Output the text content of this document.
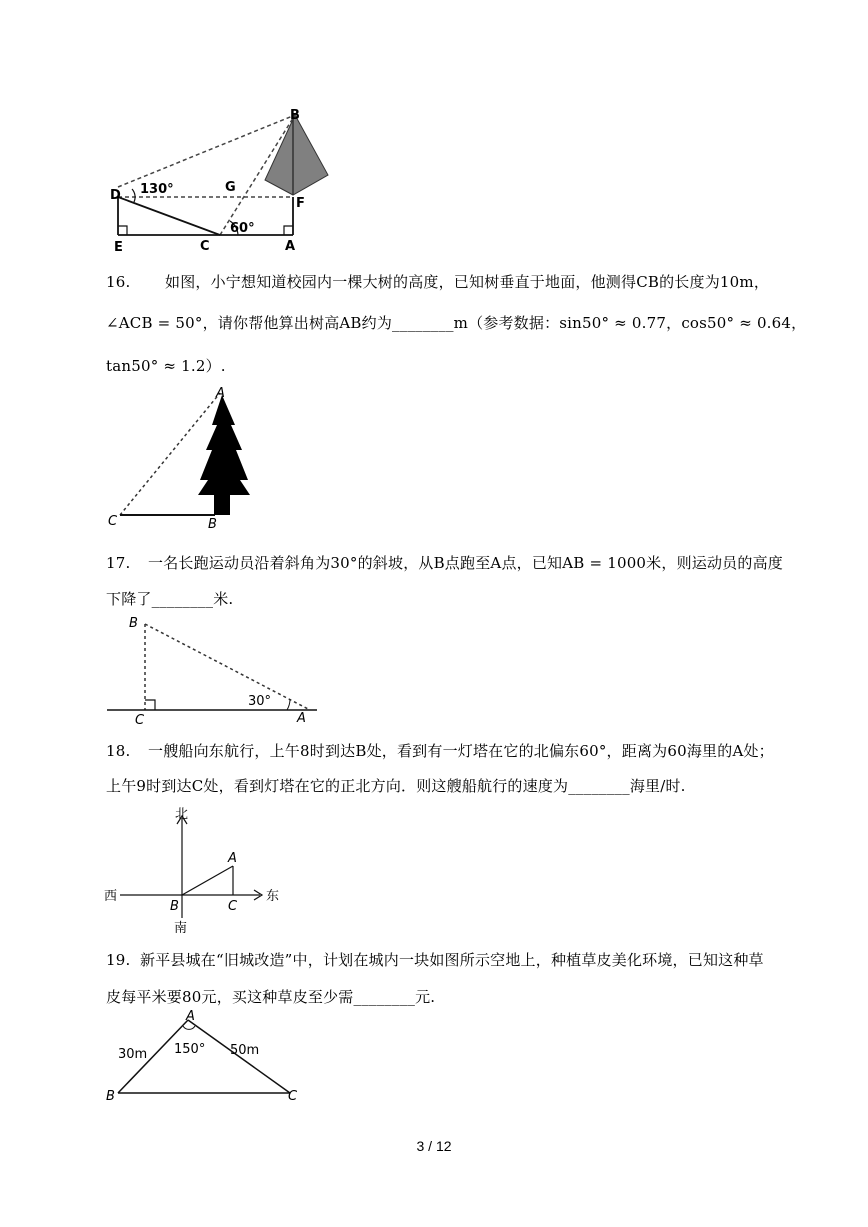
B
D 130°	G
F
E	C	A
60°
16. 如图，小宁想知道校园内一棵大树的高度，已知树垂直于地面，他测得CB的长度为10m，
∠ACB = 50°，请你帮他算出树高AB约为________m（参考数据：sin50° ≈ 0.77，cos50° ≈ 0.64，
tan50° ≈ 1.2）.
A
C	B
17. 一名长跑运动员沿着斜角为30°的斜坡，从B点跑至A点，已知AB = 1000米，则运动员的高度
下降了________米.
B
C	A
30°
18. 一艘船向东航行，上午8时到达B处，看到有一灯塔在它的北偏东60°，距离为60海里的A处；
上午9时到达C处，看到灯塔在它的正北方向．则这艘船航行的速度为________海里/时.
北
南
西	东
A
B	C
19. 新平县城在“旧城改造”中，计划在城内一块如图所示空地上，种植草皮美化环境，已知这种草
皮每平米要80元，买这种草皮至少需________元.
A
B	C
30m	50m
150°
3 / 12
